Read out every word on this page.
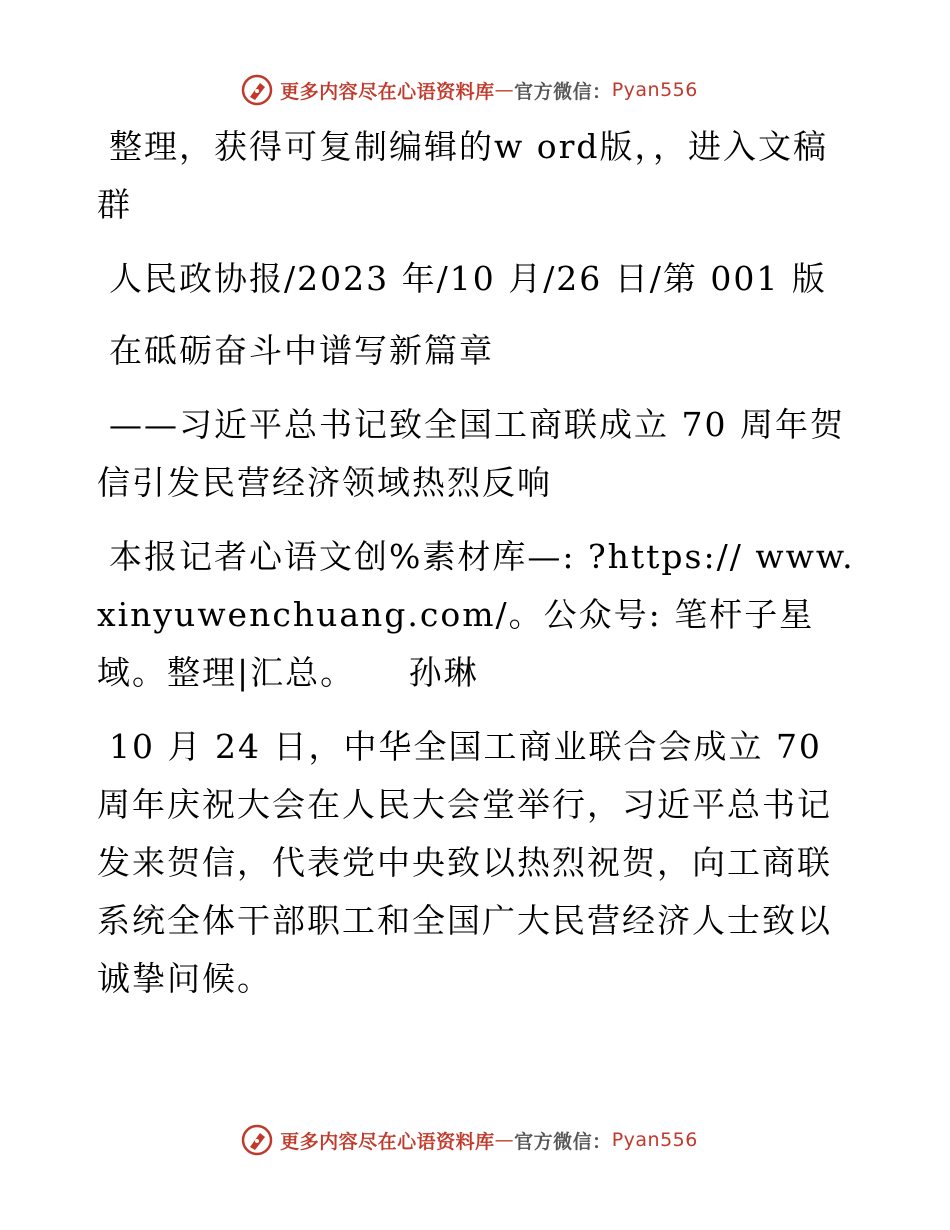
更多内容尽在心语资料库 — 官方微信： Pyan556

整理，获得可复制编辑的w ord版，，进入文稿群

人民政协报/2023 年/10 月/26 日/第 001 版

在砥砺奋斗中谱写新篇章

——习近平总书记致全国工商联成立 70 周年贺信引发民营经济领域热烈反响

本报记者心语文创%素材库—: ?https:// www.xinyuwenchuang.com/。公众号: 笔杆子星域。整理|汇总。　　孙琳

10 月 24 日，中华全国工商业联合会成立 70 周年庆祝大会在人民大会堂举行，习近平总书记发来贺信，代表党中央致以热烈祝贺，向工商联系统全体干部职工和全国广大民营经济人士致以诚挚问候。

更多内容尽在心语资料库 — 官方微信： Pyan556
